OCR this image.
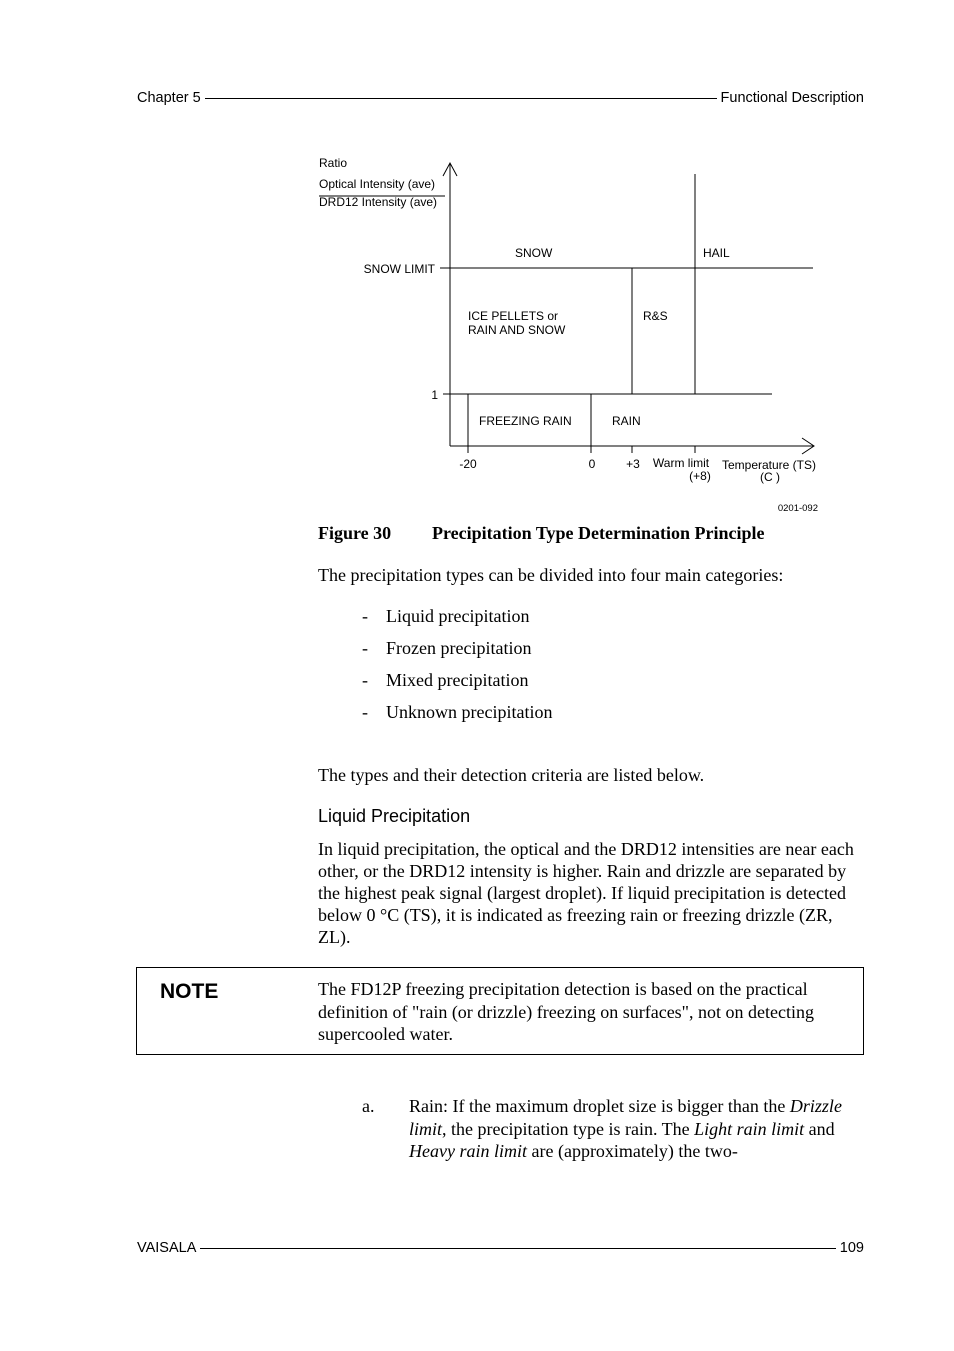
Chapter 5	Functional Description
Ratio
Optical Intensity (ave)
DRD12 Intensity (ave)
SNOW LIMIT
1
SNOW	HAIL
ICE PELLETS or
RAIN AND SNOW
R&S
FREEZING RAIN	RAIN
-20	0	+3 Warm limit
(+8)
Temperature (TS)
(C )
0201-092
Figure 30 Precipitation Type Determination Principle
The precipitation types can be divided into four main categories:
-	Liquid precipitation
-	Frozen precipitation
-	Mixed precipitation
-	Unknown precipitation
The types and their detection criteria are listed below.
Liquid Precipitation
In liquid precipitation, the optical and the DRD12 intensities are near each other, or the DRD12 intensity is higher. Rain and drizzle are separated by the highest peak signal (largest droplet). If liquid precipitation is detected below 0 °C (TS), it is indicated as freezing rain or freezing drizzle (ZR, ZL).
NOTE	The FD12P freezing precipitation detection is based on the practical definition of "rain (or drizzle) freezing on surfaces", not on detecting supercooled water.
a. Rain: If the maximum droplet size is bigger than the Drizzle limit, the precipitation type is rain. The Light rain limit and Heavy rain limit are (approximately) the two-
VAISALA	109
